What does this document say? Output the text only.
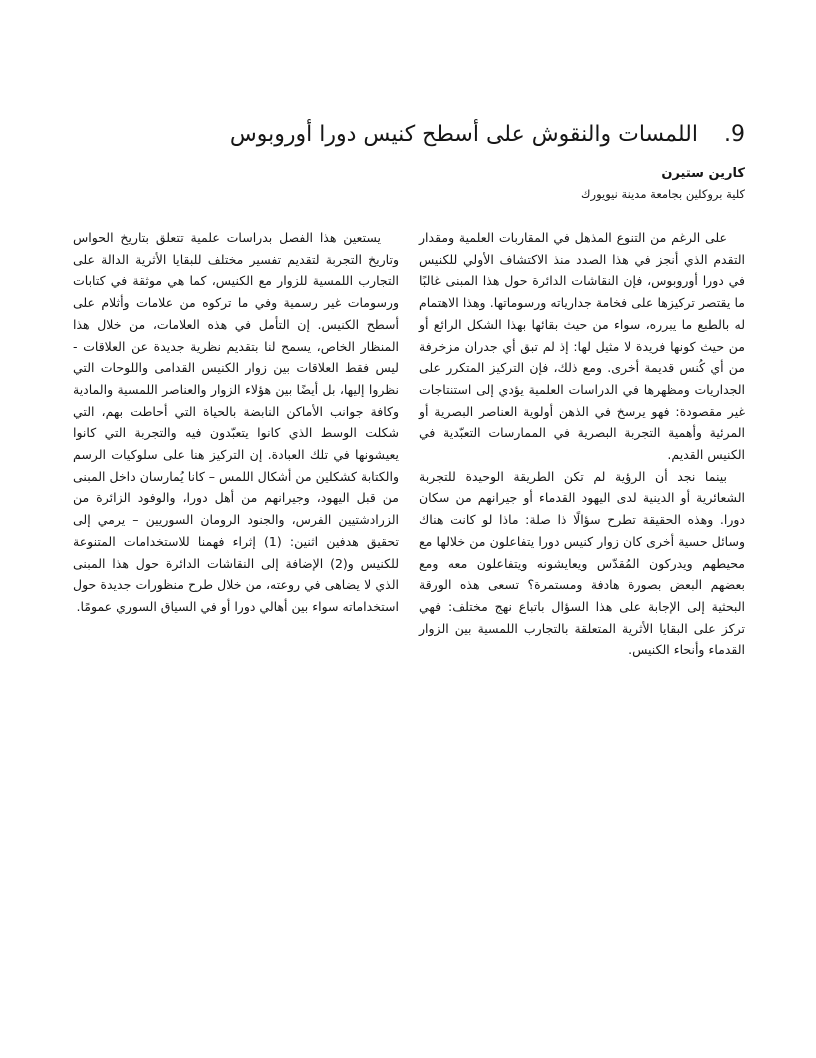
9.
اللمسات والنقوش على أسطح كنيس دورا أوروبوس
كارين ستيرن
كلية بروكلين بجامعة مدينة نيويورك

على الرغم من التنوع المذهل في المقاربات العلمية ومقدار التقدم الذي أنجز في هذا الصدد منذ الاكتشاف الأولي للكنيس في دورا أوروبوس، فإن النقاشات الدائرة حول هذا المبنى غالبًا ما يقتصر تركيزها على فخامة جدارياته ورسوماتها. وهذا الاهتمام له بالطبع ما يبرره، سواء من حيث بقائها بهذا الشكل الرائع أو من حيث كونها فريدة لا مثيل لها: إذ لم تبق أي جدران مزخرفة من أي كُنس قديمة أخرى. ومع ذلك، فإن التركيز المتكرر على الجداريات ومظهرها في الدراسات العلمية يؤدي إلى استنتاجات غير مقصودة: فهو يرسخ في الذهن أولوية العناصر البصرية أو المرئية وأهمية التجربة البصرية في الممارسات التعبّدية في الكنيس القديم.

بينما نجد أن الرؤية لم تكن الطريقة الوحيدة للتجربة الشعائرية أو الدينية لدى اليهود القدماء أو جيرانهم من سكان دورا. وهذه الحقيقة تطرح سؤالًا ذا صلة: ماذا لو كانت هناك وسائل حسية أخرى كان زوار كنيس دورا يتفاعلون من خلالها مع محيطهم ويدركون المُقدّس ويعايشونه ويتفاعلون معه ومع بعضهم البعض بصورة هادفة ومستمرة؟ تسعى هذه الورقة البحثية إلى الإجابة على هذا السؤال باتباع نهج مختلف: فهي تركز على البقايا الأثرية المتعلقة بالتجارب اللمسية بين الزوار القدماء وأنحاء الكنيس.

يستعين هذا الفصل بدراسات علمية تتعلق بتاريخ الحواس وتاريخ التجربة لتقديم تفسير مختلف للبقايا الأثرية الدالة على التجارب اللمسية للزوار مع الكنيس، كما هي موثقة في كتابات ورسومات غير رسمية وفي ما تركوه من علامات وأثلام على أسطح الكنيس. إن التأمل في هذه العلامات، من خلال هذا المنظار الخاص، يسمح لنا بتقديم نظرية جديدة عن العلاقات - ليس فقط العلاقات بين زوار الكنيس القدامى واللوحات التي نظروا إليها، بل أيضًا بين هؤلاء الزوار والعناصر اللمسية والمادية وكافة جوانب الأماكن النابضة بالحياة التي أحاطت بهم، التي شكلت الوسط الذي كانوا يتعبّدون فيه والتجربة التي كانوا يعيشونها في تلك العبادة. إن التركيز هنا على سلوكيات الرسم والكتابة كشكلين من أشكال اللمس – كانا يُمارسان داخل المبنى من قبل اليهود، وجيرانهم من أهل دورا، والوفود الزائرة من الزرادشتيين الفرس، والجنود الرومان السوريين – يرمي إلى تحقيق هدفين اثنين: (1) إثراء فهمنا للاستخدامات المتنوعة للكنيس و(2) الإضافة إلى النقاشات الدائرة حول هذا المبنى الذي لا يضاهى في روعته، من خلال طرح منظورات جديدة حول استخداماته سواء بين أهالي دورا أو في السياق السوري عمومًا.
